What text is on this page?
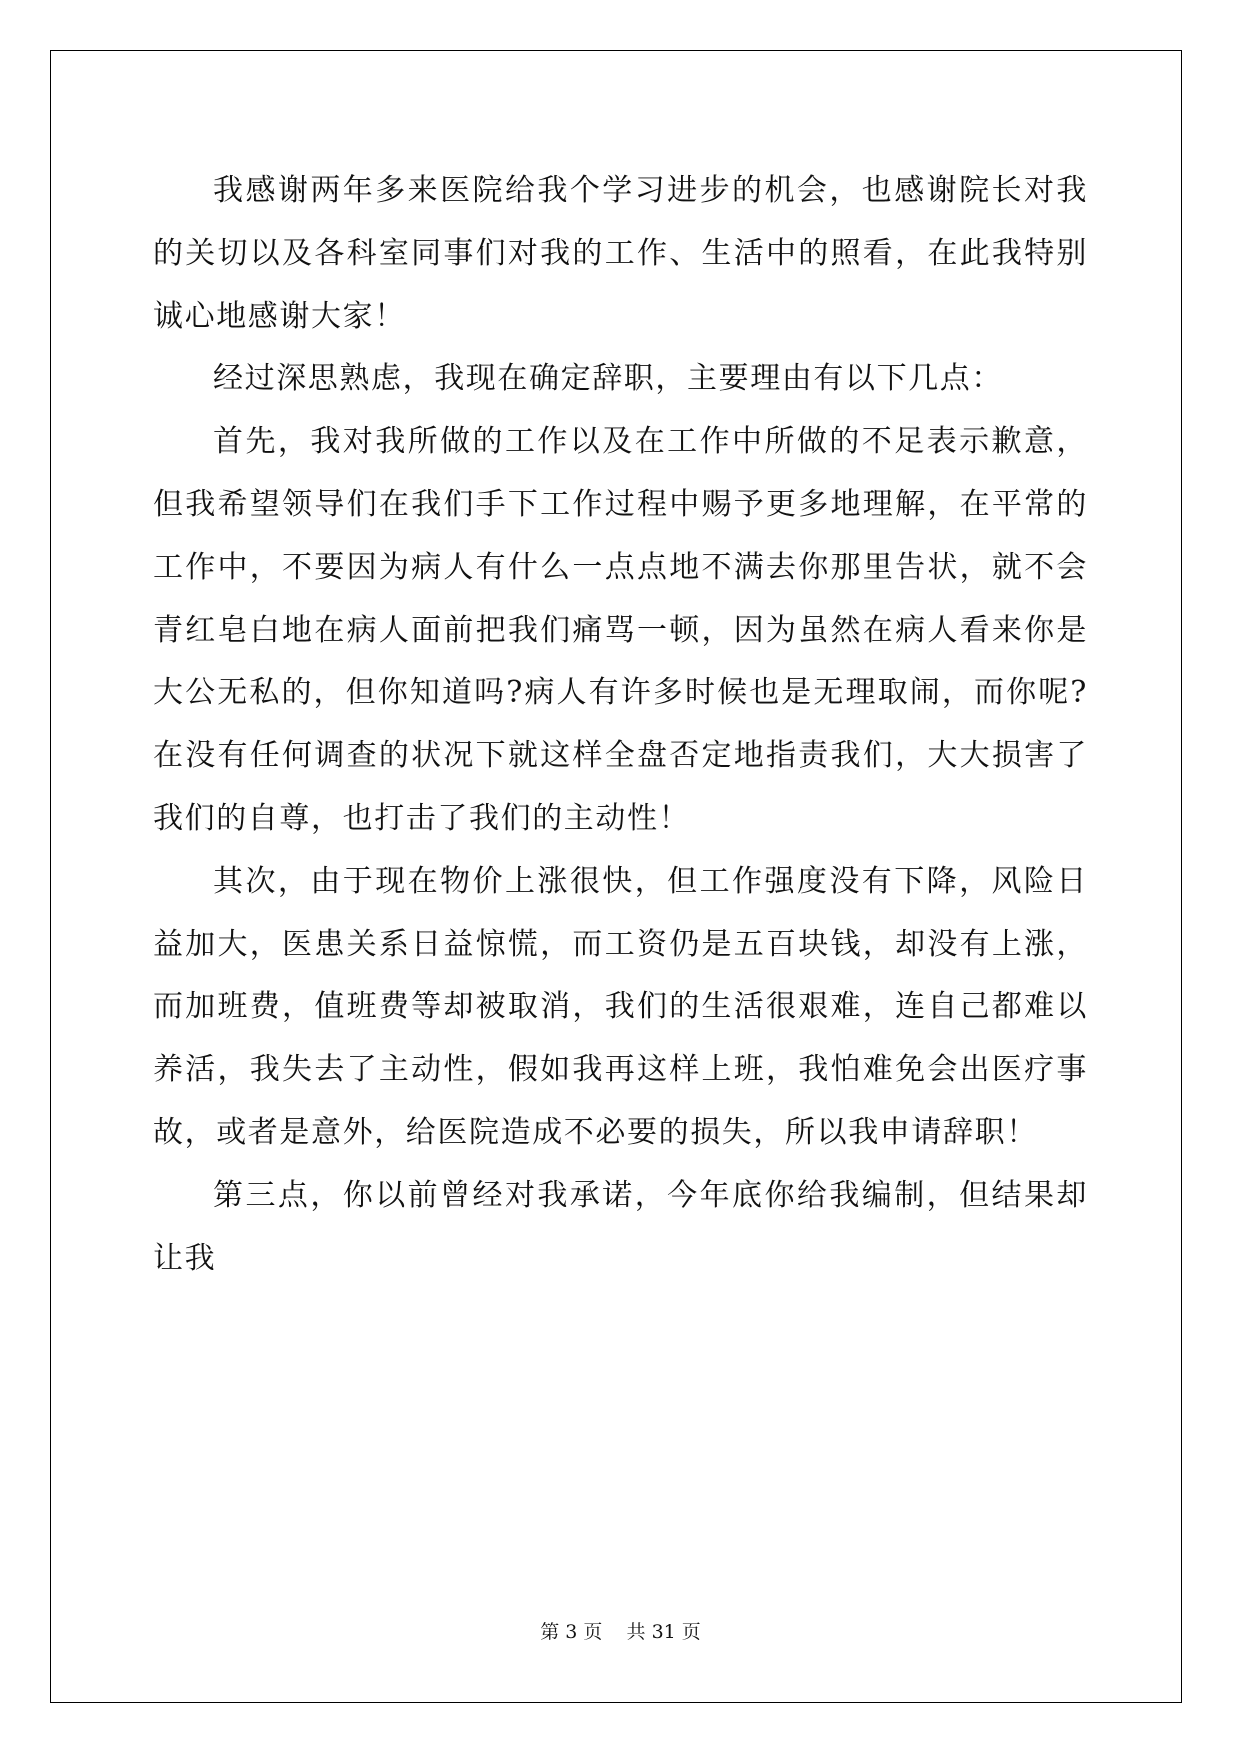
我感谢两年多来医院给我个学习进步的机会，也感谢院长对我的关切以及各科室同事们对我的工作、生活中的照看，在此我特别诚心地感谢大家！

经过深思熟虑，我现在确定辞职，主要理由有以下几点：

首先，我对我所做的工作以及在工作中所做的不足表示歉意，但我希望领导们在我们手下工作过程中赐予更多地理解，在平常的工作中，不要因为病人有什么一点点地不满去你那里告状，就不会青红皂白地在病人面前把我们痛骂一顿，因为虽然在病人看来你是大公无私的，但你知道吗?病人有许多时候也是无理取闹，而你呢?在没有任何调查的状况下就这样全盘否定地指责我们，大大损害了我们的自尊，也打击了我们的主动性！

其次，由于现在物价上涨很快，但工作强度没有下降，风险日益加大，医患关系日益惊慌，而工资仍是五百块钱，却没有上涨，而加班费，值班费等却被取消，我们的生活很艰难，连自己都难以养活，我失去了主动性，假如我再这样上班，我怕难免会出医疗事故，或者是意外，给医院造成不必要的损失，所以我申请辞职！

第三点，你以前曾经对我承诺，今年底你给我编制，但结果却让我

第 3 页 共 31 页
